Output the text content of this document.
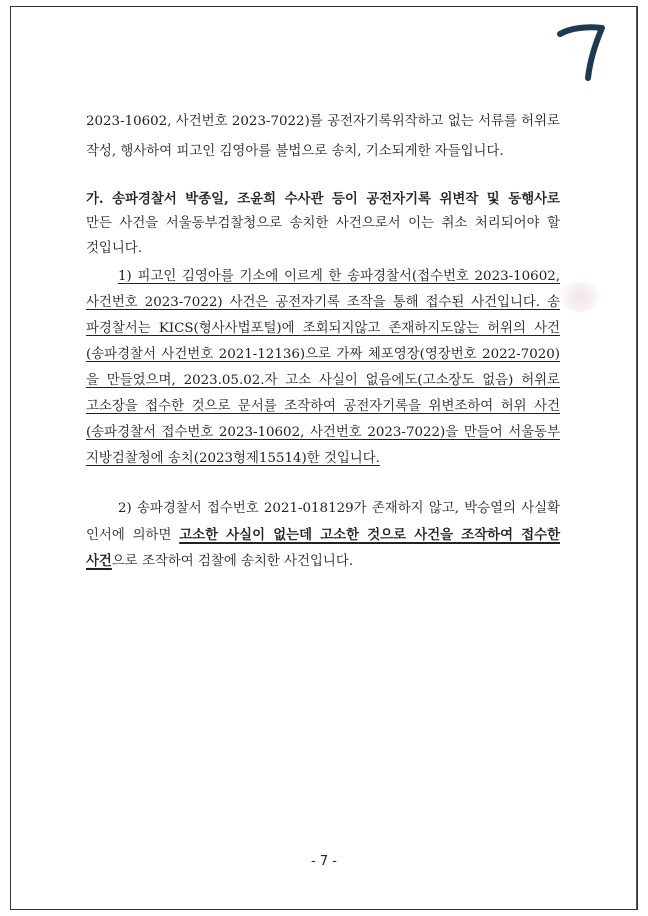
2023-10602, 사건번호 2023-7022)를 공전자기록위작하고 없는 서류를 허위로
작성, 행사하여 피고인 김영아를 불법으로 송치, 기소되게한 자들입니다.
가. 송파경찰서 박종일, 조윤희 수사관 등이 공전자기록 위변작 및 동행사로
만든 사건을 서울동부검찰청으로 송치한 사건으로서 이는 취소 처리되어야 할
것입니다.
1) 피고인 김영아를 기소에 이르게 한 송파경찰서(접수번호 2023-10602,
사건번호 2023-7022) 사건은 공전자기록 조작을 통해 접수된 사건입니다. 송
파경찰서는 KICS(형사사법포털)에 조회되지않고 존재하지도않는 허위의 사건
(송파경찰서 사건번호 2021-12136)으로 가짜 체포영장(영장번호 2022-7020)
을 만들었으며, 2023.05.02.자 고소 사실이 없음에도(고소장도 없음) 허위로
고소장을 접수한 것으로 문서를 조작하여 공전자기록을 위변조하여 허위 사건
(송파경찰서 접수번호 2023-10602, 사건번호 2023-7022)을 만들어 서울동부
지방검찰청에 송치(2023형제15514)한 것입니다.
2) 송파경찰서 접수번호 2021-018129가 존재하지 않고, 박승열의 사실확
인서에 의하면 고소한 사실이 없는데 고소한 것으로 사건을 조작하여 접수한
사건으로 조작하여 검찰에 송치한 사건입니다.
- 7 -
